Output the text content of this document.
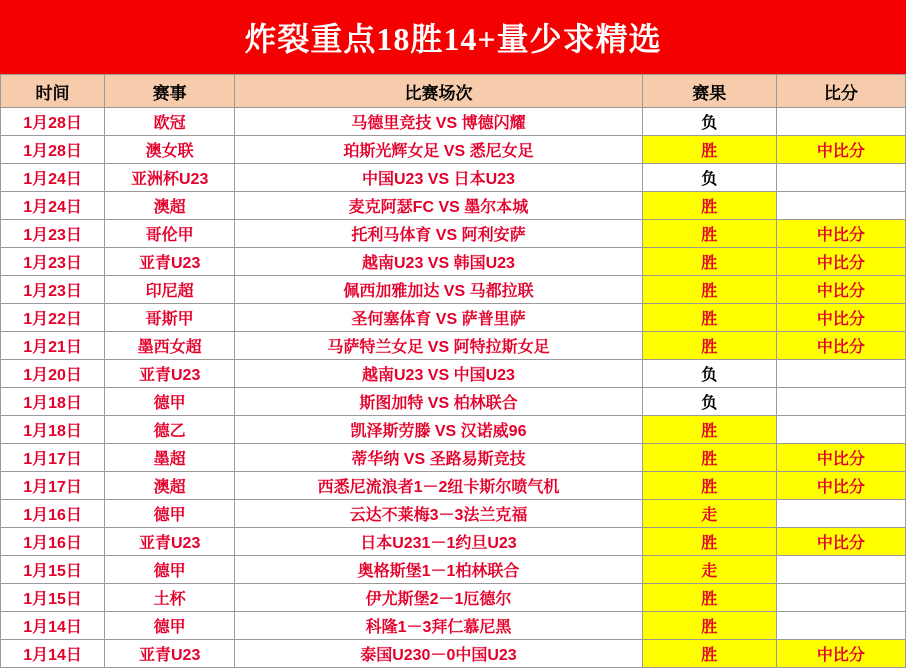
炸裂重点18胜14+量少求精选
时间	赛事	比赛场次	赛果	比分
1月28日	欧冠	马德里竞技 VS 博德闪耀	负	
1月28日	澳女联	珀斯光辉女足 VS 悉尼女足	胜	中比分
1月24日	亚洲杯U23	中国U23 VS 日本U23	负	
1月24日	澳超	麦克阿瑟FC VS 墨尔本城	胜	
1月23日	哥伦甲	托利马体育 VS 阿利安萨	胜	中比分
1月23日	亚青U23	越南U23 VS 韩国U23	胜	中比分
1月23日	印尼超	佩西加雅加达 VS 马都拉联	胜	中比分
1月22日	哥斯甲	圣何塞体育 VS 萨普里萨	胜	中比分
1月21日	墨西女超	马萨特兰女足 VS 阿特拉斯女足	胜	中比分
1月20日	亚青U23	越南U23 VS 中国U23	负	
1月18日	德甲	斯图加特 VS 柏林联合	负	
1月18日	德乙	凯泽斯劳滕 VS 汉诺威96	胜	
1月17日	墨超	蒂华纳 VS 圣路易斯竞技	胜	中比分
1月17日	澳超	西悉尼流浪者1－2纽卡斯尔喷气机	胜	中比分
1月16日	德甲	云达不莱梅3－3法兰克福	走	
1月16日	亚青U23	日本U231－1约旦U23	胜	中比分
1月15日	德甲	奥格斯堡1－1柏林联合	走	
1月15日	土杯	伊尤斯堡2－1厄德尔	胜	
1月14日	德甲	科隆1－3拜仁慕尼黑	胜	
1月14日	亚青U23	泰国U230－0中国U23	胜	中比分
